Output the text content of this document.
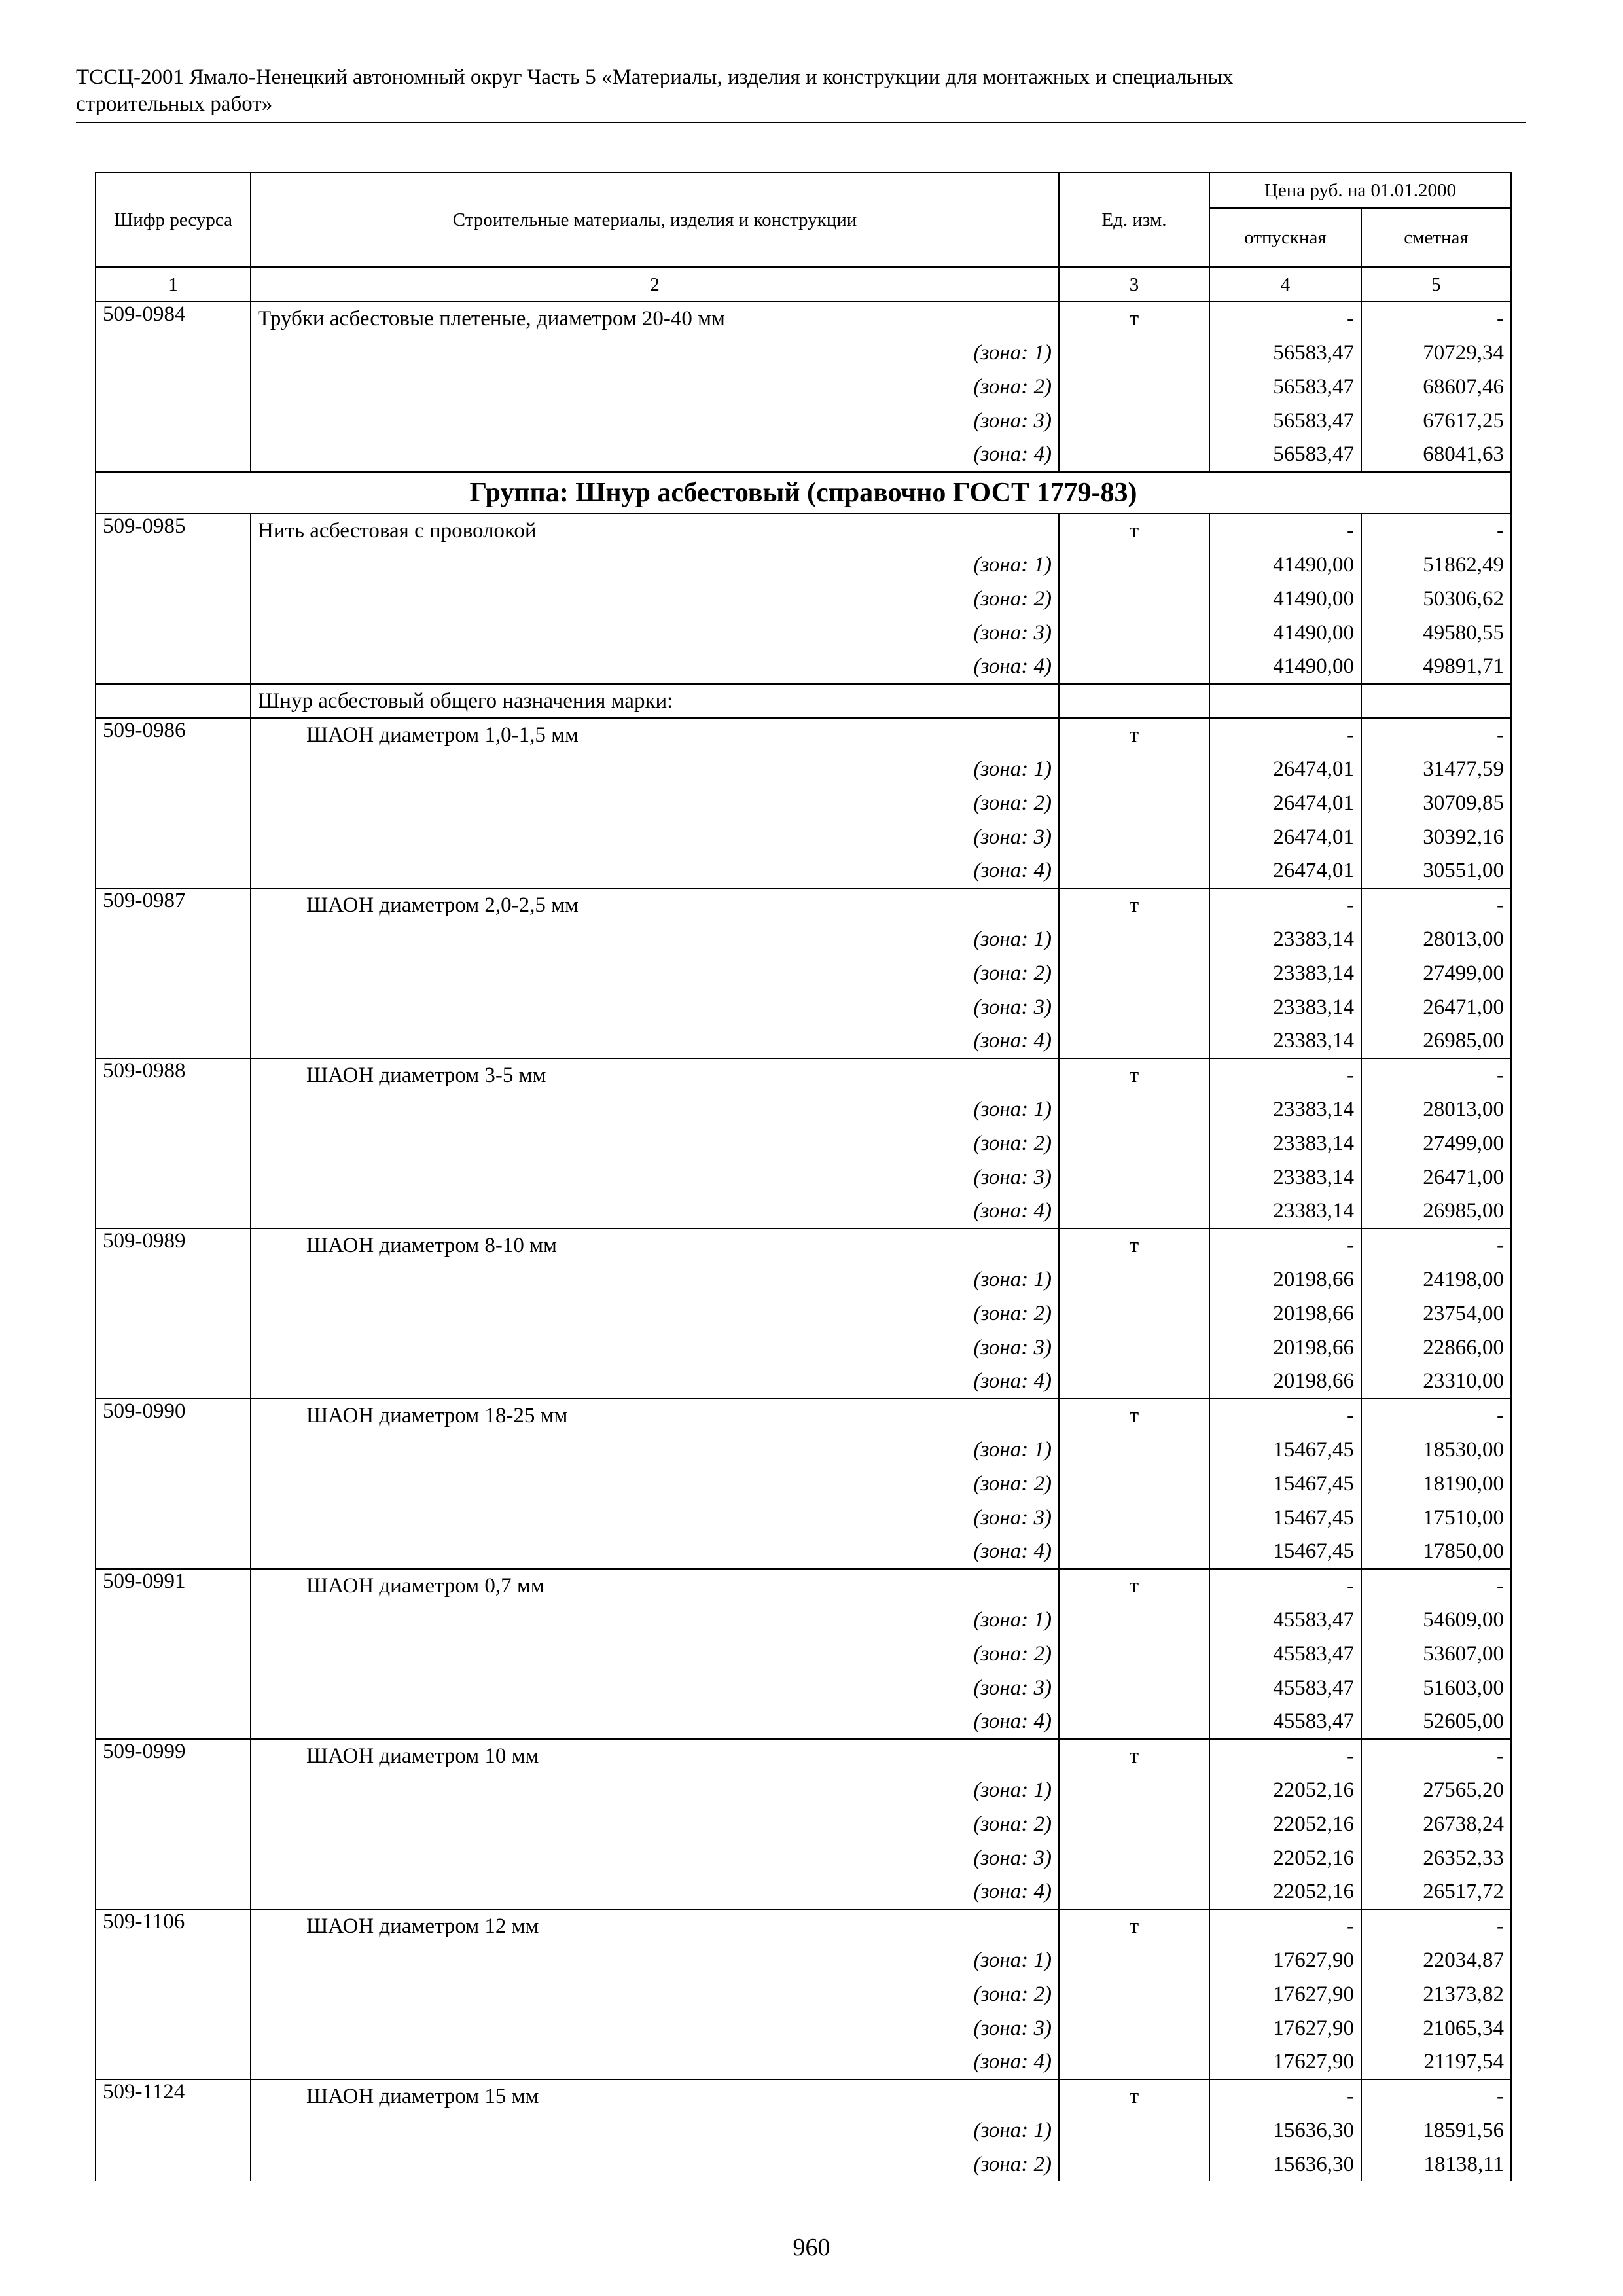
ТССЦ-2001 Ямало-Ненецкий автономный округ Часть 5 «Материалы, изделия и конструкции для монтажных и специальных
строительных работ»
Шифр ресурса	Строительные материалы, изделия и конструкции	Ед. изм.	Цена руб. на 01.01.2000	
			отпускная	сметная
1	2	3	4	5
509-0984	Трубки асбестовые плетеные, диаметром 20-40 мм	т	-	-
	(зона: 1)		56583,47	70729,34
	(зона: 2)		56583,47	68607,46
	(зона: 3)		56583,47	67617,25
	(зона: 4)		56583,47	68041,63
Группа: Шнур асбестовый (справочно ГОСТ 1779-83)				
509-0985	Нить асбестовая с проволокой	т	-	-
	(зона: 1)		41490,00	51862,49
	(зона: 2)		41490,00	50306,62
	(зона: 3)		41490,00	49580,55
	(зона: 4)		41490,00	49891,71
	Шнур асбестовый общего назначения марки:			
509-0986	ШАОН диаметром 1,0-1,5 мм	т	-	-
	(зона: 1)		26474,01	31477,59
	(зона: 2)		26474,01	30709,85
	(зона: 3)		26474,01	30392,16
	(зона: 4)		26474,01	30551,00
509-0987	ШАОН диаметром 2,0-2,5 мм	т	-	-
	(зона: 1)		23383,14	28013,00
	(зона: 2)		23383,14	27499,00
	(зона: 3)		23383,14	26471,00
	(зона: 4)		23383,14	26985,00
509-0988	ШАОН диаметром 3-5 мм	т	-	-
	(зона: 1)		23383,14	28013,00
	(зона: 2)		23383,14	27499,00
	(зона: 3)		23383,14	26471,00
	(зона: 4)		23383,14	26985,00
509-0989	ШАОН диаметром 8-10 мм	т	-	-
	(зона: 1)		20198,66	24198,00
	(зона: 2)		20198,66	23754,00
	(зона: 3)		20198,66	22866,00
	(зона: 4)		20198,66	23310,00
509-0990	ШАОН диаметром 18-25 мм	т	-	-
	(зона: 1)		15467,45	18530,00
	(зона: 2)		15467,45	18190,00
	(зона: 3)		15467,45	17510,00
	(зона: 4)		15467,45	17850,00
509-0991	ШАОН диаметром 0,7 мм	т	-	-
	(зона: 1)		45583,47	54609,00
	(зона: 2)		45583,47	53607,00
	(зона: 3)		45583,47	51603,00
	(зона: 4)		45583,47	52605,00
509-0999	ШАОН диаметром 10 мм	т	-	-
	(зона: 1)		22052,16	27565,20
	(зона: 2)		22052,16	26738,24
	(зона: 3)		22052,16	26352,33
	(зона: 4)		22052,16	26517,72
509-1106	ШАОН диаметром 12 мм	т	-	-
	(зона: 1)		17627,90	22034,87
	(зона: 2)		17627,90	21373,82
	(зона: 3)		17627,90	21065,34
	(зона: 4)		17627,90	21197,54
509-1124	ШАОН диаметром 15 мм	т	-	-
	(зона: 1)		15636,30	18591,56
	(зона: 2)		15636,30	18138,11
960
